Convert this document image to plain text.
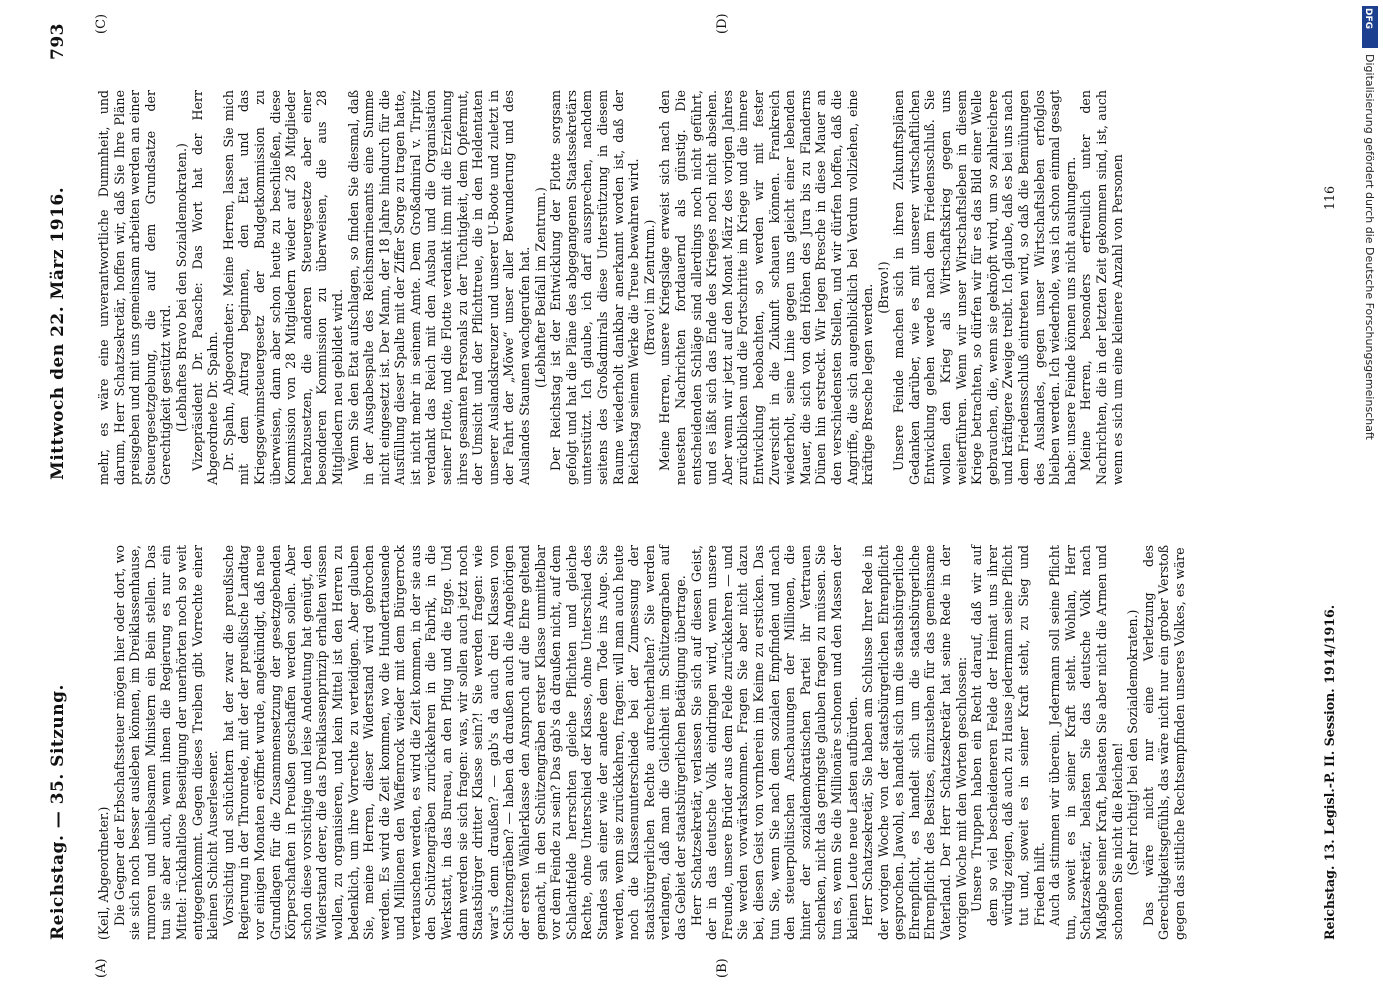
Reichstag. — 35. Sitzung.
Mittwoch den 22. März 1916.
793
(A)	(B)
(C)	(D)

(Keil, Abgeordneter.) Die Gegner der Erbschaftssteuer mögen hier oder dort, wo sie sich noch besser ausleben können, im Dreiklassenhause, rumoren und unliebsamen Ministern ein Bein stellen. Das tun sie aber auch, wenn ihnen die Regierung es nur ein Mittel: rückhaltlose Beseitigung der unerhörten noch so weit entgegenkommt. Gegen dieses Treiben gibt Vorrechte einer kleinen Schicht Auserlesener. Vorsichtig und schüchtern hat der zwar die preußische Regierung in der Thronrede, mit der der preußische Landtag vor einigen Monaten eröffnet wurde, angekündigt, daß neue Grundlagen für die Zusammensetzung der gesetzgebenden Körperschaften in Preußen geschaffen werden sollen. Aber schon diese vorsichtige und leise Andeutung hat genügt, den Widerstand derer, die das Dreiklassenprinzip erhalten wissen wollen, zu organisieren, und kein Mittel ist den Herren zu bedenklich, um ihre Vorrechte zu verteidigen. Aber glauben Sie, meine Herren, dieser Widerstand wird gebrochen werden. Es wird die Zeit kommen, wo die Hunderttausende und Millionen den Waffenrock wieder mit dem Bürgerrock vertauschen werden, es wird die Zeit kommen, in der sie aus den Schützengräben zurückkehren in die Fabrik, in die Werkstatt, in das Bureau, an den Pflug und die Egge. Und dann werden sie sich fragen: was, wir sollen auch jetzt noch Staatsbürger dritter Klasse sein?! Sie werden fragen: wie war's denn draußen? — gab's da auch drei Klassen von Schützengräben? — haben da draußen auch die Angehörigen der ersten Wählerklasse den Anspruch auf die Ehre geltend gemacht, in den Schützengräben erster Klasse unmittelbar vor dem Feinde zu sein? Das gab's da draußen nicht, auf dem Schlachtfelde herrschten gleiche Pflichten und gleiche Rechte, ohne Unterschied der Klasse, ohne Unterschied des Standes sah einer wie der andere dem Tode ins Auge. Sie werden, wenn sie zurückkehren, fragen: will man auch heute noch die Klassenunterschiede bei der Zumessung der staatsbürgerlichen Rechte aufrechterhalten? Sie werden verlangen, daß man die Gleichheit im Schützengraben auf das Gebiet der staatsbürgerlichen Betätigung übertrage. Herr Schatzsekretär, verlassen Sie sich auf diesen Geist, der in das deutsche Volk eindringen wird, wenn unsere Freunde, unsere Brüder aus dem Felde zurückkehren — und Sie werden vorwärtskommen. Fragen Sie aber nicht dazu bei, diesen Geist von vornherein im Keime zu ersticken. Das tun Sie, wenn Sie nach dem sozialen Empfinden und nach den steuerpolitischen Anschauungen der Millionen, die hinter der sozialdemokratischen Partei ihr Vertrauen schenken, nicht das geringste glauben fragen zu müssen. Sie tun es, wenn Sie die Millionäre schonen und den Massen der kleinen Leute neue Lasten aufbürden. Herr Schatzsekretär, Sie haben am Schlusse Ihrer Rede in der vorigen Woche von der staatsbürgerlichen Ehrenpflicht gesprochen. Jawohl, es handelt sich um die staatsbürgerliche Ehrenpflicht, es handelt sich um die staatsbürgerliche Ehrenpflicht des Besitzes, einzustehen für das gemeinsame Vaterland. Der Herr Schatzsekretär hat seine Rede in der vorigen Woche mit den Worten geschlossen: Unsere Truppen haben ein Recht darauf, daß wir auf dem so viel bescheideneren Felde der Heimat uns ihrer würdig zeigen, daß auch zu Hause jedermann seine Pflicht tut und, soweit es in seiner Kraft steht, zu Sieg und Frieden hilft. Auch da stimmen wir überein. Jedermann soll seine Pflicht tun, soweit es in seiner Kraft steht. Wohlan, Herr Schatzsekretär, belasten Sie das deutsche Volk nach Maßgabe seiner Kraft, belasten Sie aber nicht die Armen und schonen Sie nicht die Reichen! (Sehr richtig! bei den Sozialdemokraten.) Das wäre nicht nur eine Verletzung des Gerechtigkeitsgefühls, das wäre nicht nur ein grober Verstoß gegen das sittliche Rechtsempfinden unseres Volkes, es wäre

mehr, es wäre eine unverantwortliche Dummheit, und darum, Herr Schatzsekretär, hoffen wir, daß Sie Ihre Pläne preisgeben und mit uns gemeinsam arbeiten werden an einer Steuergesetzgebung, die auf dem Grundsatze der Gerechtigkeit gestützt wird. (Lebhaftes Bravo bei den Sozialdemokraten.) Vizepräsident Dr. Paasche: Das Wort hat der Herr Abgeordnete Dr. Spahn. Dr. Spahn, Abgeordneter: Meine Herren, lassen Sie mich mit dem Antrag beginnen, den Etat und das Kriegsgewinnsteuergesetz der Budgetkommission zu überweisen, dann aber schon heute zu beschließen, diese Kommission von 28 Mitgliedern wieder auf 28 Mitglieder herabzusetzen, die anderen Steuergesetze aber einer besonderen Kommission zu überweisen, die aus 28 Mitgliedern neu gebildet wird. Wenn Sie den Etat aufschlagen, so finden Sie diesmal, daß in der Ausgabespalte des Reichsmarineamts eine Summe nicht eingesetzt ist. Der Mann, der 18 Jahre hindurch für die Ausfüllung dieser Spalte mit der Ziffer Sorge zu tragen hatte, ist nicht mehr in seinem Amte. Dem Großadmiral v. Tirpitz verdankt das Reich mit den Ausbau und die Organisation seiner Flotte, und die Flotte verdankt ihm mit die Erziehung ihres gesamten Personals zu der Tüchtigkeit, dem Opfermut, der Umsicht und der Pflichttreue, die in den Heldentaten unserer Auslandskreuzer und unserer U-Boote und zuletzt in der Fahrt der „Möwe“ unser aller Bewunderung und des Auslandes Staunen wachgerufen hat. (Lebhafter Beifall im Zentrum.) Der Reichstag ist der Entwicklung der Flotte sorgsam gefolgt und hat die Pläne des abgegangenen Staatssekretärs unterstützt. Ich glaube, ich darf aussprechen, nachdem seitens des Großadmirals diese Unterstützung in diesem Raume wiederholt dankbar anerkannt worden ist, daß der Reichstag seinem Werke die Treue bewahren wird. (Bravo! im Zentrum.) Meine Herren, unsere Kriegslage erweist sich nach den neuesten Nachrichten fortdauernd als günstig. Die entscheidenden Schläge sind allerdings noch nicht geführt, und es läßt sich das Ende des Krieges noch nicht absehen. Aber wenn wir jetzt auf den Monat März des vorigen Jahres zurückblicken und die Fortschritte im Kriege und die innere Entwicklung beobachten, so werden wir mit fester Zuversicht in die Zukunft schauen können. Frankreich wiederholt, seine Linie gegen uns gleicht einer lebenden Mauer, die sich von den Höhen des Jura bis zu Flanderns Dünen hin erstreckt. Wir legen Bresche in diese Mauer an den verschiedensten Stellen, und wir dürfen hoffen, daß die Angriffe, die sich augenblicklich bei Verdun vollziehen, eine kräftige Bresche legen werden. (Bravo!) Unsere Feinde machen sich in ihren Zukunftsplänen Gedanken darüber, wie es mit unserer wirtschaftlichen Entwicklung gehen werde nach dem Friedensschluß. Sie wollen den Krieg als Wirtschaftskrieg gegen uns weiterführen. Wenn wir unser Wirtschaftsleben in diesem Kriege betrachten, so dürfen wir für es das Bild einer Welle gebrauchen, die, wenn sie geknöpft wird, um so zahlreichere und kräftigere Zweige treibt. Ich glaube, daß es bei uns nach dem Friedensschluß eintreten wird, so daß die Bemühungen des Auslandes, gegen unser Wirtschaftsleben erfolglos bleiben werden. Ich wiederhole, was ich schon einmal gesagt habe: unsere Feinde können uns nicht aushungern. Meine Herren, besonders erfreulich unter den Nachrichten, die in der letzten Zeit gekommen sind, ist, auch wenn es sich um eine kleinere Anzahl von Personen

Reichstag. 13. Legisl.-P. II. Session. 1914/1916.
116
DFG
Digitalisierung gefördert durch die Deutsche Forschungsgemeinschaft
